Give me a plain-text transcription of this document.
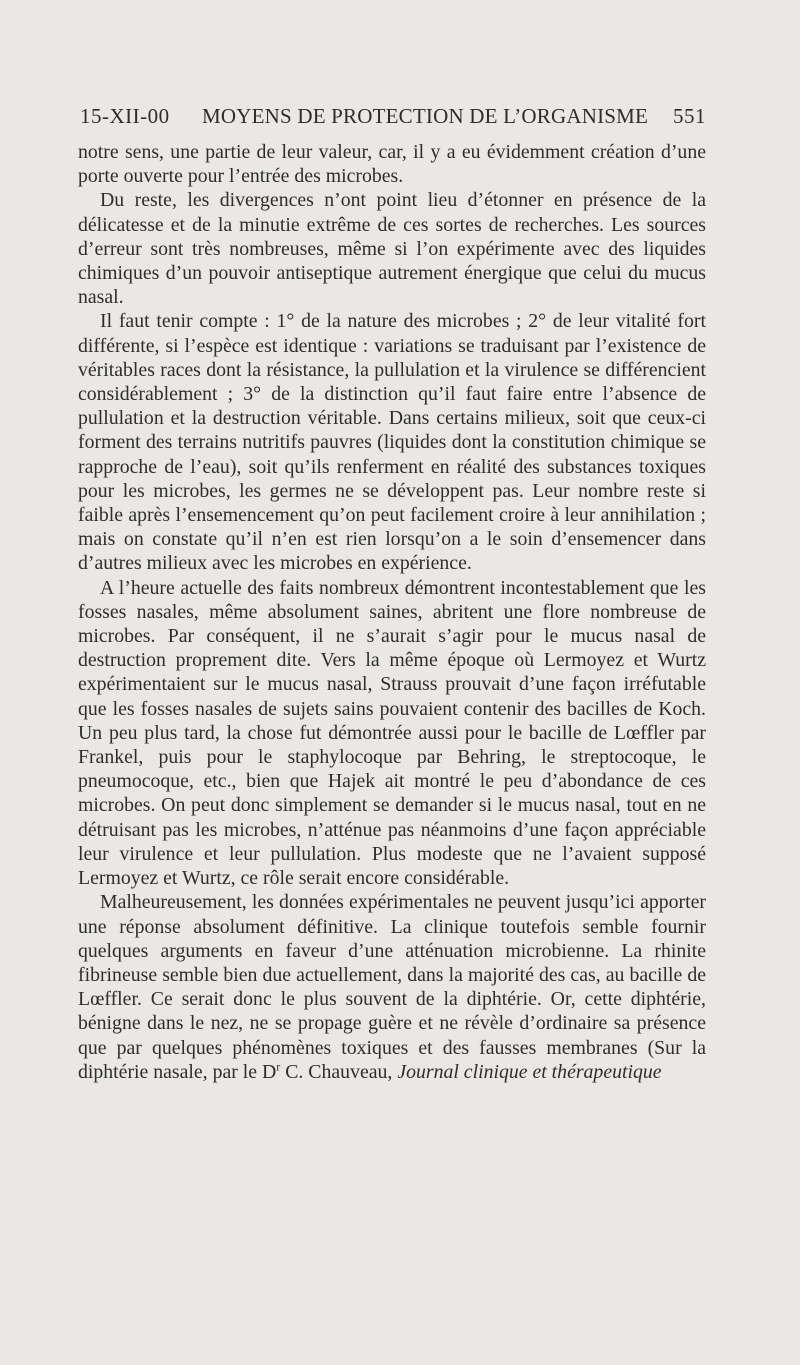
15-XII-00 MOYENS DE PROTECTION DE L’ORGANISME 551

notre sens, une partie de leur valeur, car, il y a eu évidemment création d’une porte ouverte pour l’entrée des microbes.

Du reste, les divergences n’ont point lieu d’étonner en présence de la délicatesse et de la minutie extrême de ces sortes de recherches. Les sources d’erreur sont très nombreuses, même si l’on expérimente avec des liquides chimiques d’un pouvoir antiseptique autrement énergique que celui du mucus nasal.

Il faut tenir compte : 1° de la nature des microbes ; 2° de leur vitalité fort différente, si l’espèce est identique : variations se traduisant par l’existence de véritables races dont la résistance, la pullulation et la virulence se différencient considérablement ; 3° de la distinction qu’il faut faire entre l’absence de pullulation et la destruction véritable. Dans certains milieux, soit que ceux-ci forment des terrains nutritifs pauvres (liquides dont la constitution chimique se rapproche de l’eau), soit qu’ils renferment en réalité des substances toxiques pour les microbes, les germes ne se développent pas. Leur nombre reste si faible après l’ensemencement qu’on peut facilement croire à leur annihilation ; mais on constate qu’il n’en est rien lorsqu’on a le soin d’ensemencer dans d’autres milieux avec les microbes en expérience.

A l’heure actuelle des faits nombreux démontrent incontestablement que les fosses nasales, même absolument saines, abritent une flore nombreuse de microbes. Par conséquent, il ne s’aurait s’agir pour le mucus nasal de destruction proprement dite. Vers la même époque où Lermoyez et Wurtz expérimentaient sur le mucus nasal, Strauss prouvait d’une façon irréfutable que les fosses nasales de sujets sains pouvaient contenir des bacilles de Koch. Un peu plus tard, la chose fut démontrée aussi pour le bacille de Lœffler par Frankel, puis pour le staphylocoque par Behring, le streptocoque, le pneumocoque, etc., bien que Hajek ait montré le peu d’abondance de ces microbes. On peut donc simplement se demander si le mucus nasal, tout en ne détruisant pas les microbes, n’atténue pas néanmoins d’une façon appréciable leur virulence et leur pullulation. Plus modeste que ne l’avaient supposé Lermoyez et Wurtz, ce rôle serait encore considérable.

Malheureusement, les données expérimentales ne peuvent jusqu’ici apporter une réponse absolument définitive. La clinique toutefois semble fournir quelques arguments en faveur d’une atténuation microbienne. La rhinite fibrineuse semble bien due actuellement, dans la majorité des cas, au bacille de Lœffler. Ce serait donc le plus souvent de la diphtérie. Or, cette diphtérie, bénigne dans le nez, ne se propage guère et ne révèle d’ordinaire sa présence que par quelques phénomènes toxiques et des fausses membranes (Sur la diphtérie nasale, par le $D^r$ C. Chauveau, Journal clinique et thérapeutique
